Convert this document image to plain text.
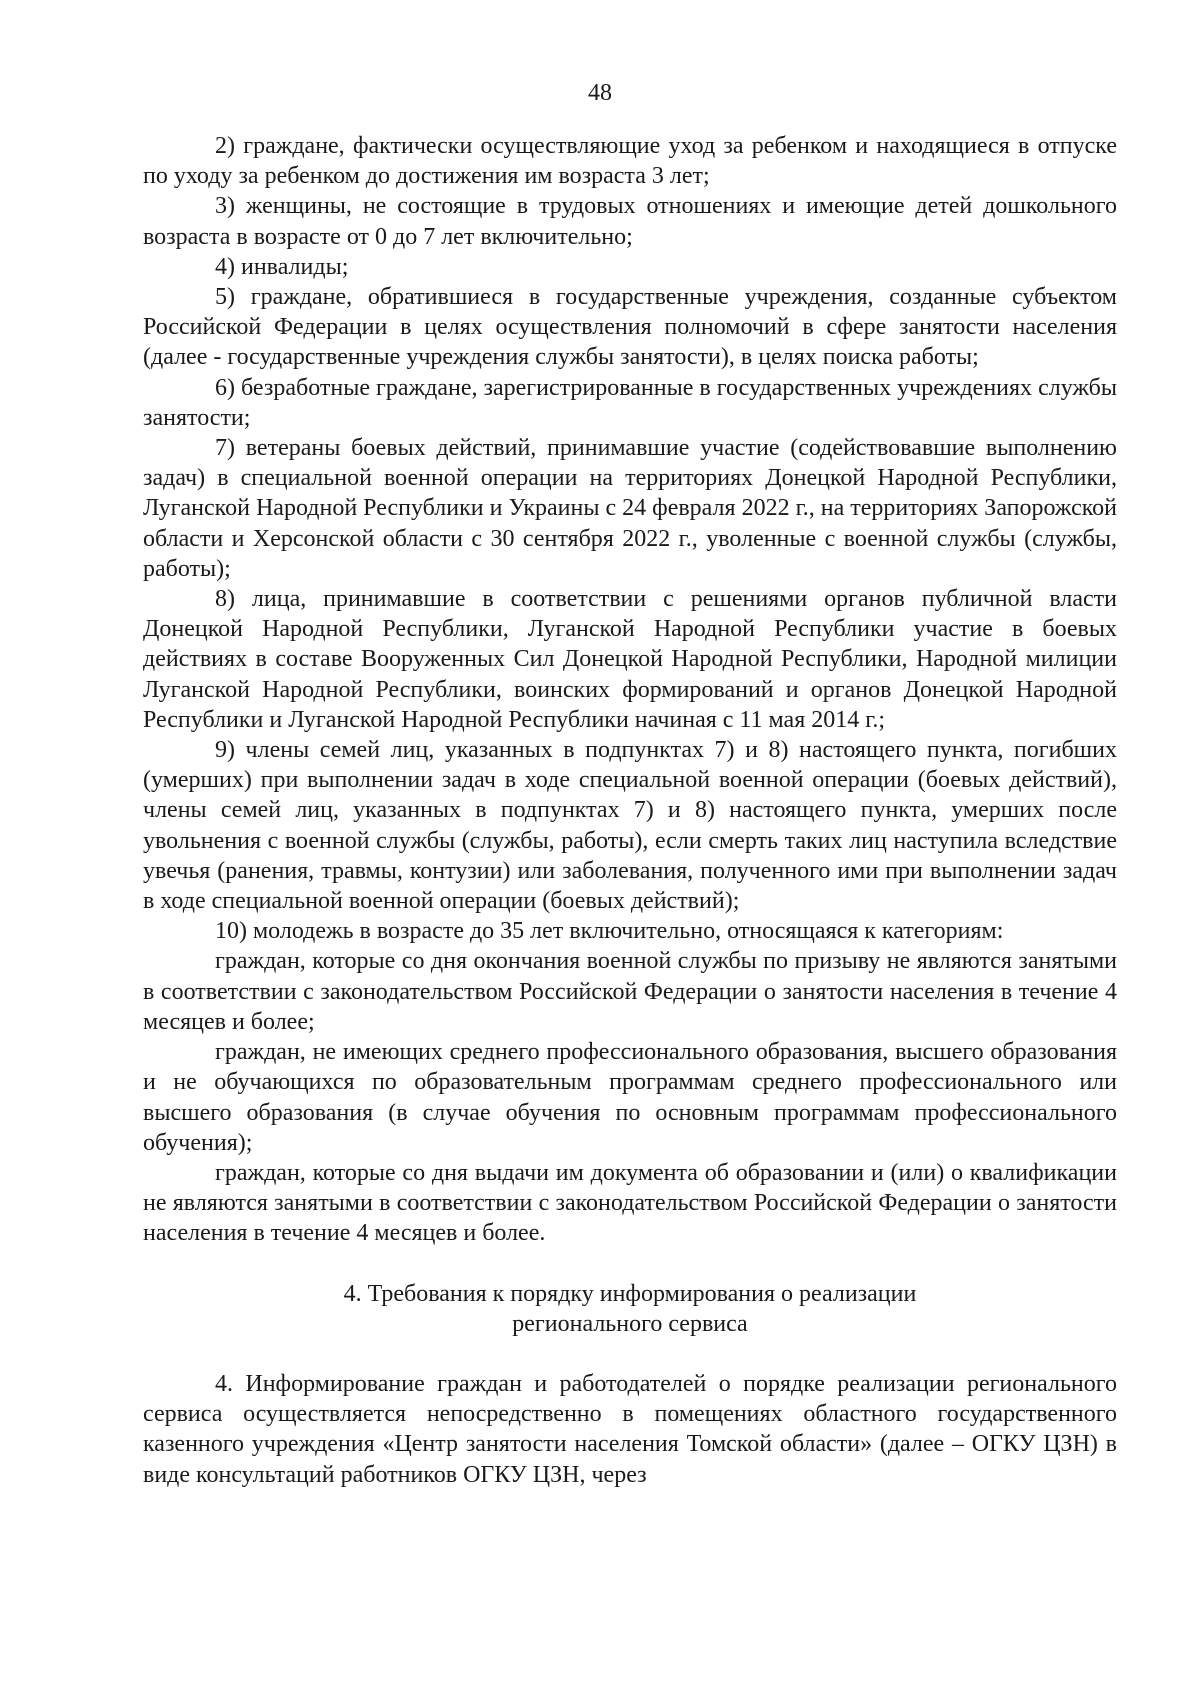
48

2) граждане, фактически осуществляющие уход за ребенком и находящиеся в отпуске по уходу за ребенком до достижения им возраста 3 лет;

3) женщины, не состоящие в трудовых отношениях и имеющие детей дошкольного возраста в возрасте от 0 до 7 лет включительно;

4) инвалиды;

5) граждане, обратившиеся в государственные учреждения, созданные субъектом Российской Федерации в целях осуществления полномочий в сфере занятости населения (далее - государственные учреждения службы занятости), в целях поиска работы;

6) безработные граждане, зарегистрированные в государственных учреждениях службы занятости;

7) ветераны боевых действий, принимавшие участие (содействовавшие выполнению задач) в специальной военной операции на территориях Донецкой Народной Республики, Луганской Народной Республики и Украины с 24 февраля 2022 г., на территориях Запорожской области и Херсонской области с 30 сентября 2022 г., уволенные с военной службы (службы, работы);

8) лица, принимавшие в соответствии с решениями органов публичной власти Донецкой Народной Республики, Луганской Народной Республики участие в боевых действиях в составе Вооруженных Сил Донецкой Народной Республики, Народной милиции Луганской Народной Республики, воинских формирований и органов Донецкой Народной Республики и Луганской Народной Республики начиная с 11 мая 2014 г.;

9) члены семей лиц, указанных в подпунктах 7) и 8) настоящего пункта, погибших (умерших) при выполнении задач в ходе специальной военной операции (боевых действий), члены семей лиц, указанных в подпунктах 7) и 8) настоящего пункта, умерших после увольнения с военной службы (службы, работы), если смерть таких лиц наступила вследствие увечья (ранения, травмы, контузии) или заболевания, полученного ими при выполнении задач в ходе специальной военной операции (боевых действий);

10) молодежь в возрасте до 35 лет включительно, относящаяся к категориям:

граждан, которые со дня окончания военной службы по призыву не являются занятыми в соответствии с законодательством Российской Федерации о занятости населения в течение 4 месяцев и более;

граждан, не имеющих среднего профессионального образования, высшего образования и не обучающихся по образовательным программам среднего профессионального или высшего образования (в случае обучения по основным программам профессионального обучения);

граждан, которые со дня выдачи им документа об образовании и (или) о квалификации не являются занятыми в соответствии с законодательством Российской Федерации о занятости населения в течение 4 месяцев и более.

4. Требования к порядку информирования о реализации
регионального сервиса

4. Информирование граждан и работодателей о порядке реализации регионального сервиса осуществляется непосредственно в помещениях областного государственного казенного учреждения «Центр занятости населения Томской области» (далее – ОГКУ ЦЗН) в виде консультаций работников ОГКУ ЦЗН, через
